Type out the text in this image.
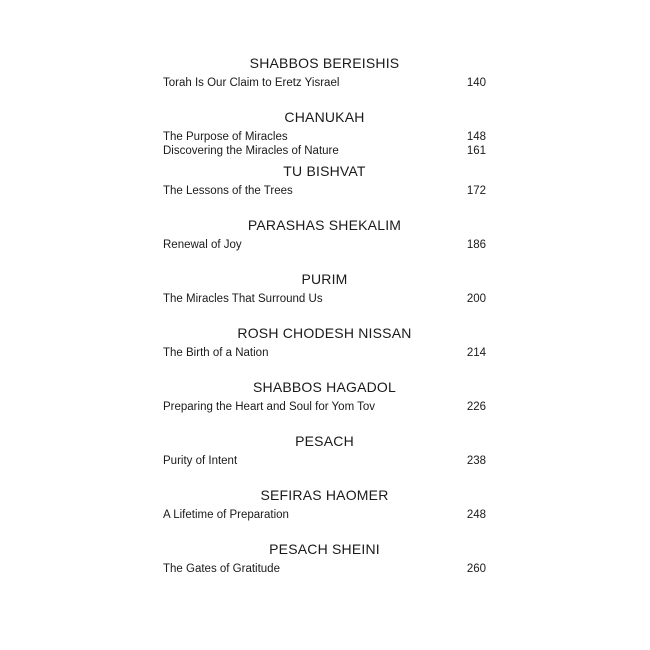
SHABBOS BEREISHIS
Torah Is Our Claim to Eretz Yisrael	140
CHANUKAH
The Purpose of Miracles	148
Discovering the Miracles of Nature	161
TU BISHVAT
The Lessons of the Trees	172
PARASHAS SHEKALIM
Renewal of Joy	186
PURIM
The Miracles That Surround Us	200
ROSH CHODESH NISSAN
The Birth of a Nation	214
SHABBOS HAGADOL
Preparing the Heart and Soul for Yom Tov	226
PESACH
Purity of Intent	238
SEFIRAS HAOMER
A Lifetime of Preparation	248
PESACH SHEINI
The Gates of Gratitude	260
